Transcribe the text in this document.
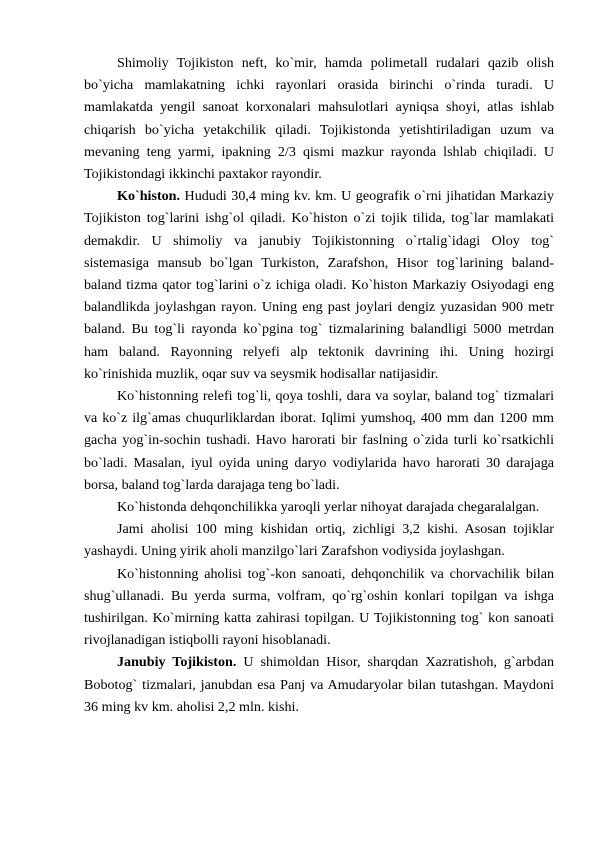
Shimoliy Tojikiston neft, ko`mir, hamda polimetall rudalari qazib olish bo`yicha mamlakatning ichki rayonlari orasida birinchi o`rinda turadi. U mamlakatda yengil sanoat korxonalari mahsulotlari ayniqsa shoyi, atlas ishlab chiqarish bo`yicha yetakchilik qiladi. Tojikistonda yetishtiriladigan uzum va mevaning teng yarmi, ipakning 2/3 qismi mazkur rayonda lshlab chiqiladi. U Tojikistondagi ikkinchi paxtakor rayondir.

Ko`histon. Hududi 30,4 ming kv. km. U geografik o`rni jihatidan Markaziy Tojikiston tog`larini ishg`ol qiladi. Ko`histon o`zi tojik tilida, tog`lar mamlakati demakdir. U shimoliy va janubiy Tojikistonning o`rtalig`idagi Oloy tog` sistemasiga mansub bo`lgan Turkiston, Zarafshon, Hisor tog`larining baland-baland tizma qator tog`larini o`z ichiga oladi. Ko`histon Markaziy Osiyodagi eng balandlikda joylashgan rayon. Uning eng past joylari dengiz yuzasidan 900 metr baland. Bu tog`li rayonda ko`pgina tog` tizmalarining balandligi 5000 metrdan ham baland. Rayonning relyefi alp tektonik davrining ihi. Uning hozirgi ko`rinishida muzlik, oqar suv va seysmik hodisallar natijasidir.

Ko`histonning relefi tog`li, qoya toshli, dara va soylar, baland tog` tizmalari va ko`z ilg`amas chuqurliklardan iborat. Iqlimi yumshoq, 400 mm dan 1200 mm gacha yog`in-sochin tushadi. Havo harorati bir faslning o`zida turli ko`rsatkichli bo`ladi. Masalan, iyul oyida uning daryo vodiylarida havo harorati 30 darajaga borsa, baland tog`larda darajaga teng bo`ladi.

Ko`histonda dehqonchilikka yaroqli yerlar nihoyat darajada chegaralalgan.

Jami aholisi 100 ming kishidan ortiq, zichligi 3,2 kishi. Asosan tojiklar yashaydi. Uning yirik aholi manzilgo`lari Zarafshon vodiysida joylashgan.

Ko`histonning aholisi tog`-kon sanoati, dehqonchilik va chorvachilik bilan shug`ullanadi. Bu yerda surma, volfram, qo`rg`oshin konlari topilgan va ishga tushirilgan. Ko`mirning katta zahirasi topilgan. U Tojikistonning tog` kon sanoati rivojlanadigan istiqbolli rayoni hisoblanadi.

Janubiy Tojikiston. U shimoldan Hisor, sharqdan Xazratishoh, g`arbdan Bobotog` tizmalari, janubdan esa Panj va Amudaryolar bilan tutashgan. Maydoni 36 ming kv km. aholisi 2,2 mln. kishi.
